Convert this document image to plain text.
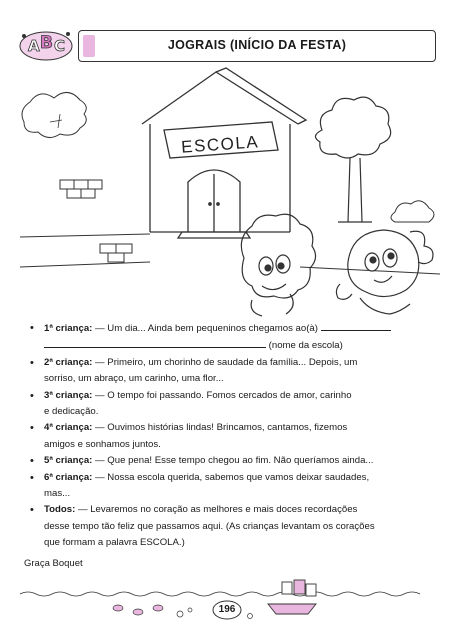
A B C	JOGRAIS (INÍCIO DA FESTA)
ESCOLA
• 1ª criança: — Um dia... Ainda bem pequeninos chegamos ao(à)
(nome da escola)
• 2ª criança: — Primeiro, um chorinho de saudade da família... Depois, um
sorriso, um abraço, um carinho, uma flor...
• 3ª criança: — O tempo foi passando. Fomos cercados de amor, carinho
e dedicação.
• 4ª criança: — Ouvimos histórias lindas! Brincamos, cantamos, fizemos
amigos e sonhamos juntos.
• 5ª criança: — Que pena! Esse tempo chegou ao fim. Não queríamos ainda...
• 6ª criança: — Nossa escola querida, sabemos que vamos deixar saudades,
mas...
• Todos: — Levaremos no coração as melhores e mais doces recordações
desse tempo tão feliz que passamos aqui. (As crianças levantam os corações
que formam a palavra ESCOLA.)
Graça Boquet
196
